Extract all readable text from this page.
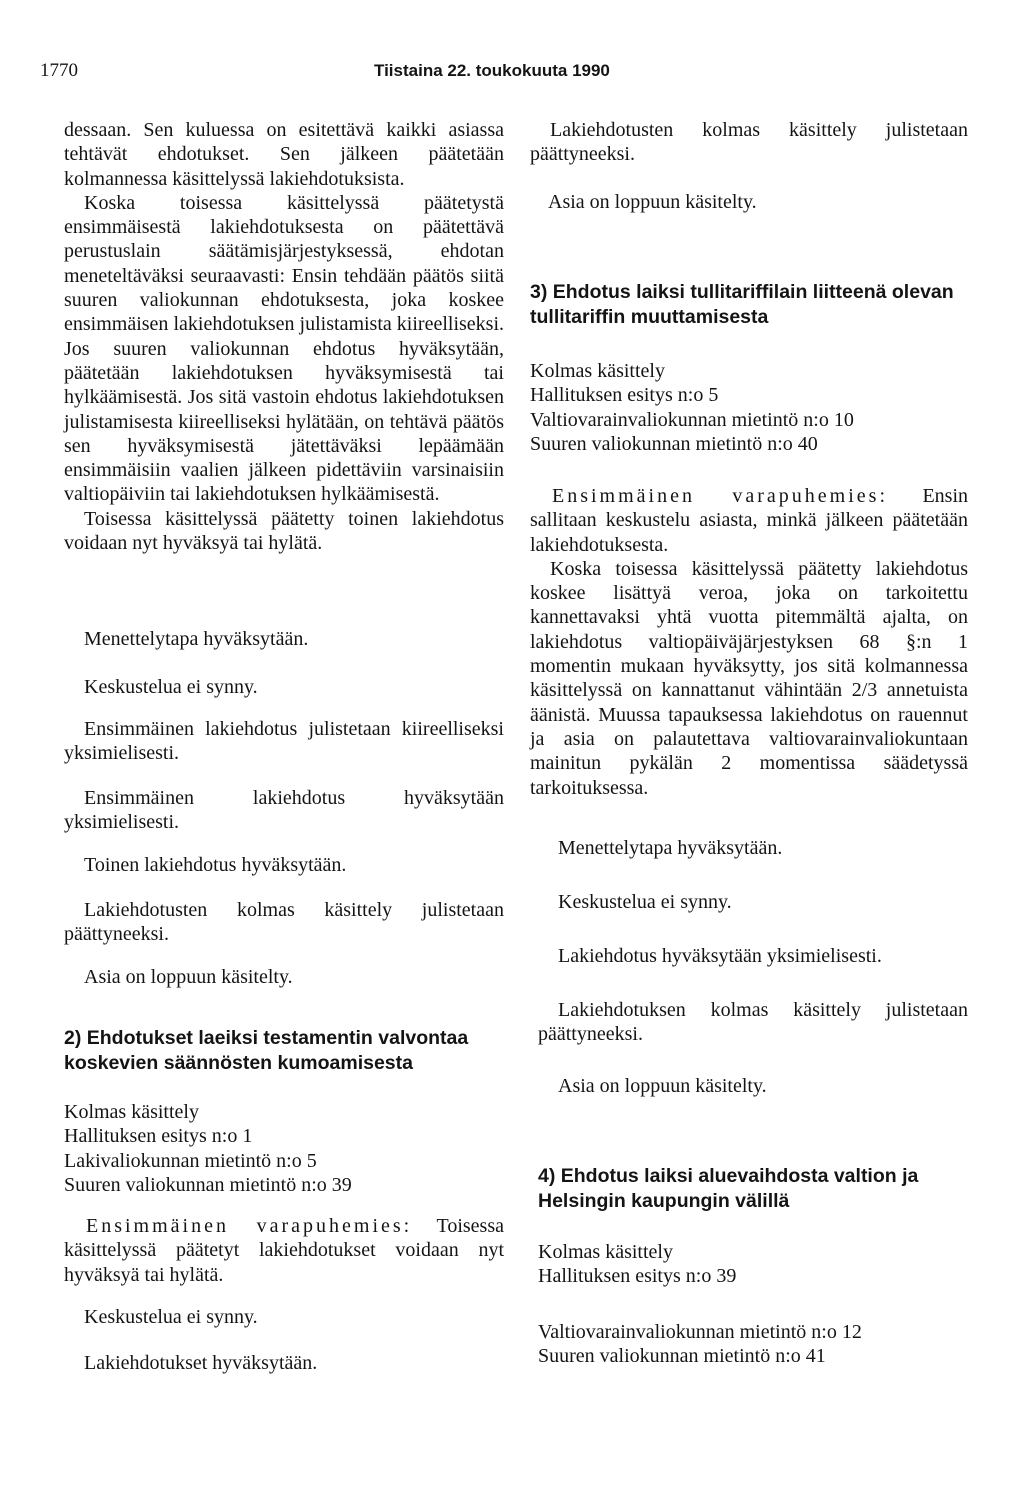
1770	Tiistaina 22. toukokuuta 1990

dessaan. Sen kuluessa on esitettävä kaikki asiassa tehtävät ehdotukset. Sen jälkeen päätetään kolmannessa käsittelyssä lakiehdotuksista.

Koska toisessa käsittelyssä päätetystä ensimmäisestä lakiehdotuksesta on päätettävä perustuslain säätämisjärjestyksessä, ehdotan meneteltäväksi seuraavasti: Ensin tehdään päätös siitä suuren valiokunnan ehdotuksesta, joka koskee ensimmäisen lakiehdotuksen julistamista kiireelliseksi. Jos suuren valiokunnan ehdotus hyväksytään, päätetään lakiehdotuksen hyväksymisestä tai hylkäämisestä. Jos sitä vastoin ehdotus lakiehdotuksen julistamisesta kiireelliseksi hylätään, on tehtävä päätös sen hyväksymisestä jätettäväksi lepäämään ensimmäisiin vaalien jälkeen pidettäviin varsinaisiin valtiopäiviin tai lakiehdotuksen hylkäämisestä.

Toisessa käsittelyssä päätetty toinen lakiehdotus voidaan nyt hyväksyä tai hylätä.

Menettelytapa hyväksytään.
Keskustelua ei synny.
Ensimmäinen lakiehdotus julistetaan kiireelliseksi yksimielisesti.
Ensimmäinen lakiehdotus hyväksytään yksimielisesti.
Toinen lakiehdotus hyväksytään.
Lakiehdotusten kolmas käsittely julistetaan päättyneeksi.
Asia on loppuun käsitelty.
2) Ehdotukset laeiksi testamentin valvontaa koskevien säännösten kumoamisesta
Kolmas käsittely
Hallituksen esitys n:o 1
Lakivaliokunnan mietintö n:o 5
Suuren valiokunnan mietintö n:o 39
Ensimmäinen varapuhemies: Toisessa käsittelyssä päätetyt lakiehdotukset voidaan nyt hyväksyä tai hylätä.
Keskustelua ei synny.
Lakiehdotukset hyväksytään.
Lakiehdotusten kolmas käsittely julistetaan päättyneeksi.
Asia on loppuun käsitelty.
3) Ehdotus laiksi tullitariffilain liitteenä olevan tullitariffin muuttamisesta
Kolmas käsittely
Hallituksen esitys n:o 5
Valtiovarainvaliokunnan mietintö n:o 10
Suuren valiokunnan mietintö n:o 40

Ensimmäinen varapuhemies: Ensin sallitaan keskustelu asiasta, minkä jälkeen päätetään lakiehdotuksesta.

Koska toisessa käsittelyssä päätetty lakiehdotus koskee lisättyä veroa, joka on tarkoitettu kannettavaksi yhtä vuotta pitemmältä ajalta, on lakiehdotus valtiopäiväjärjestyksen 68 §:n 1 momentin mukaan hyväksytty, jos sitä kolmannessa käsittelyssä on kannattanut vähintään 2/3 annetuista äänistä. Muussa tapauksessa lakiehdotus on rauennut ja asia on palautettava valtiovarainvaliokuntaan mainitun pykälän 2 momentissa säädetyssä tarkoituksessa.

Menettelytapa hyväksytään.
Keskustelua ei synny.
Lakiehdotus hyväksytään yksimielisesti.
Lakiehdotuksen kolmas käsittely julistetaan päättyneeksi.
Asia on loppuun käsitelty.
4) Ehdotus laiksi aluevaihdosta valtion ja Helsingin kaupungin välillä
Kolmas käsittely
Hallituksen esitys n:o 39
Valtiovarainvaliokunnan mietintö n:o 12
Suuren valiokunnan mietintö n:o 41
